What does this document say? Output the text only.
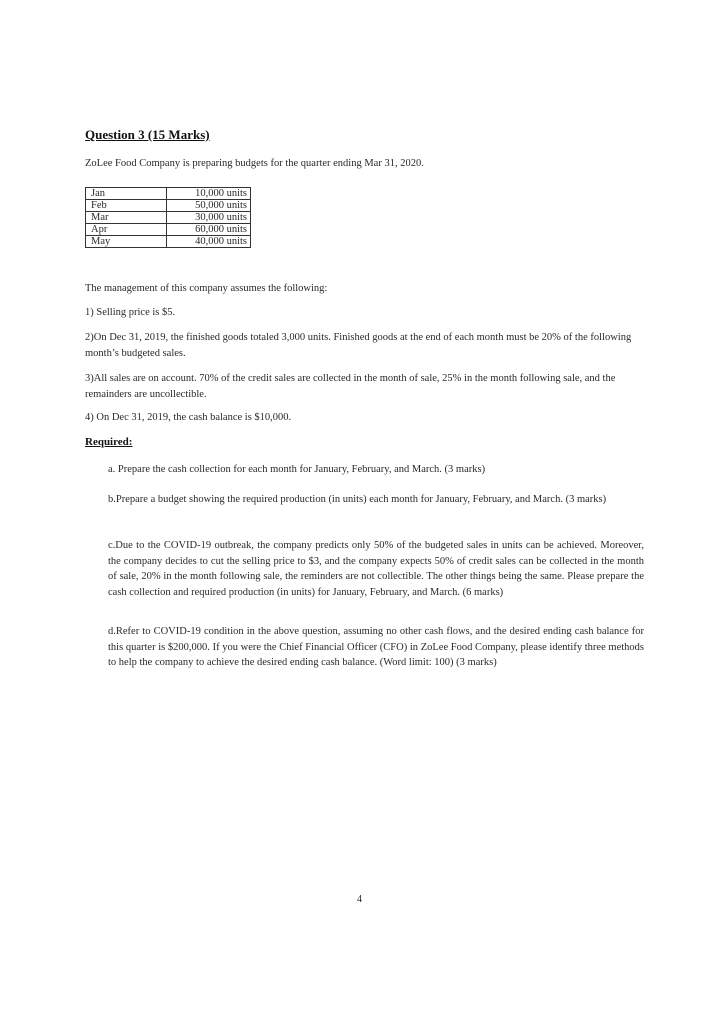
Question 3 (15 Marks)
ZoLee Food Company is preparing budgets for the quarter ending Mar 31, 2020.
Jan	10,000 units
Feb	50,000 units
Mar	30,000 units
Apr	60,000 units
May	40,000 units
The management of this company assumes the following:
1) Selling price is $5.
2)On Dec 31, 2019, the finished goods totaled 3,000 units. Finished goods at the end of each month must be 20% of the following month’s budgeted sales.
3)All sales are on account. 70% of the credit sales are collected in the month of sale, 25% in the month following sale, and the remainders are uncollectible.
4) On Dec 31, 2019, the cash balance is $10,000.
Required:
a. Prepare the cash collection for each month for January, February, and March. (3 marks)
b.Prepare a budget showing the required production (in units) each month for January, February, and March. (3 marks)
c.Due to the COVID-19 outbreak, the company predicts only 50% of the budgeted sales in units can be achieved. Moreover, the company decides to cut the selling price to $3, and the company expects 50% of credit sales can be collected in the month of sale, 20% in the month following sale, the reminders are not collectible. The other things being the same. Please prepare the cash collection and required production (in units) for January, February, and March. (6 marks)
d.Refer to COVID-19 condition in the above question, assuming no other cash flows, and the desired ending cash balance for this quarter is $200,000. If you were the Chief Financial Officer (CFO) in ZoLee Food Company, please identify three methods to help the company to achieve the desired ending cash balance. (Word limit: 100) (3 marks)
4
